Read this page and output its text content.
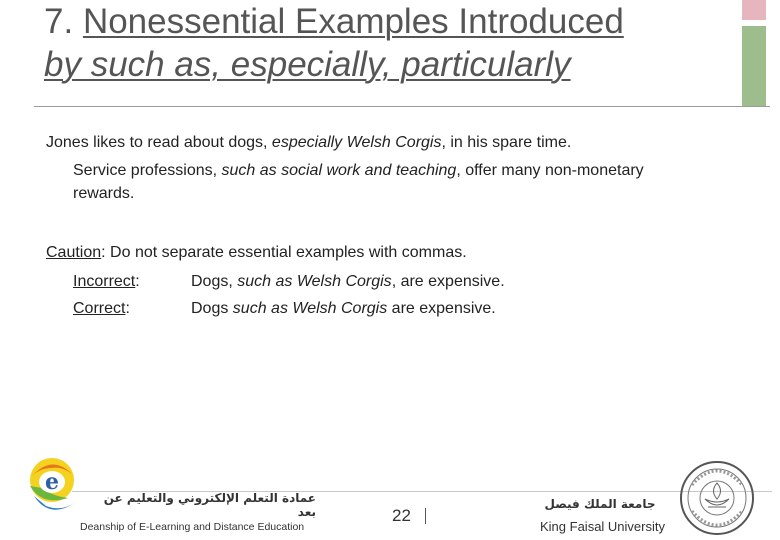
7. Nonessential Examples Introduced
by such as, especially, particularly
Jones likes to read about dogs, especially Welsh Corgis, in his spare time.
Service professions, such as social work and teaching, offer many non-monetary
rewards.
Caution: Do not separate essential examples with commas.
Incorrect:	Dogs, such as Welsh Corgis, are expensive.
Correct:	Dogs such as Welsh Corgis are expensive.
e
عمادة التعلم الإلكتروني والتعليم عن بعد
Deanship of E-Learning and Distance Education
22
جامعة الملك فيصل
King Faisal University
